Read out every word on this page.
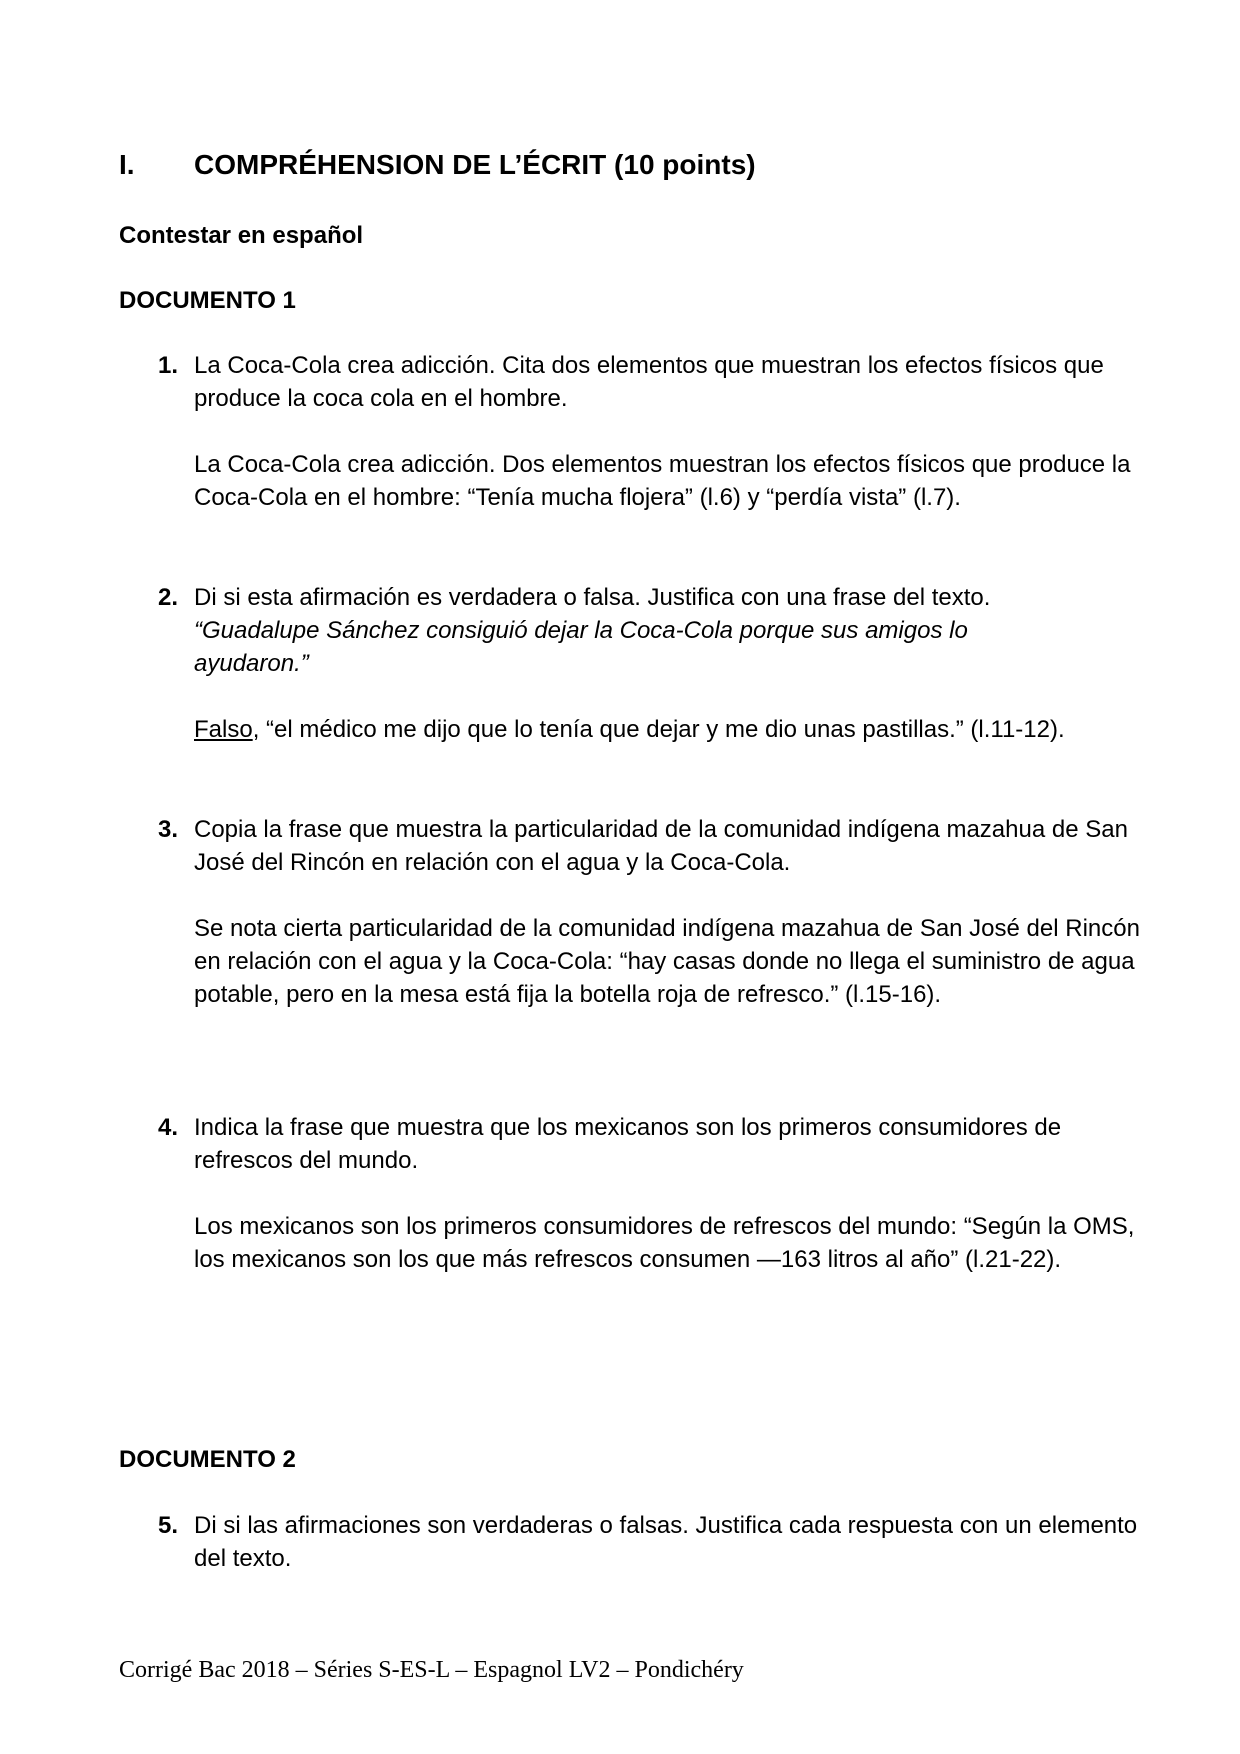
I. COMPRÉHENSION DE L’ÉCRIT (10 points)
Contestar en español
DOCUMENTO 1
1. La Coca-Cola crea adicción. Cita dos elementos que muestran los efectos físicos que produce la coca cola en el hombre.
La Coca-Cola crea adicción. Dos elementos muestran los efectos físicos que produce la Coca-Cola en el hombre: “Tenía mucha flojera” (l.6) y “perdía vista” (l.7).
2. Di si esta afirmación es verdadera o falsa. Justifica con una frase del texto.
“Guadalupe Sánchez consiguió dejar la Coca-Cola porque sus amigos lo ayudaron.”
Falso, “el médico me dijo que lo tenía que dejar y me dio unas pastillas.” (l.11-12).
3. Copia la frase que muestra la particularidad de la comunidad indígena mazahua de San José del Rincón en relación con el agua y la Coca-Cola.
Se nota cierta particularidad de la comunidad indígena mazahua de San José del Rincón en relación con el agua y la Coca-Cola: “hay casas donde no llega el suministro de agua potable, pero en la mesa está fija la botella roja de refresco.” (l.15-16).
4. Indica la frase que muestra que los mexicanos son los primeros consumidores de refrescos del mundo.
Los mexicanos son los primeros consumidores de refrescos del mundo: “Según la OMS, los mexicanos son los que más refrescos consumen —163 litros al año” (l.21-22).
DOCUMENTO 2
5. Di si las afirmaciones son verdaderas o falsas. Justifica cada respuesta con un elemento del texto.
Corrigé Bac 2018 – Séries S-ES-L – Espagnol LV2 – Pondichéry
